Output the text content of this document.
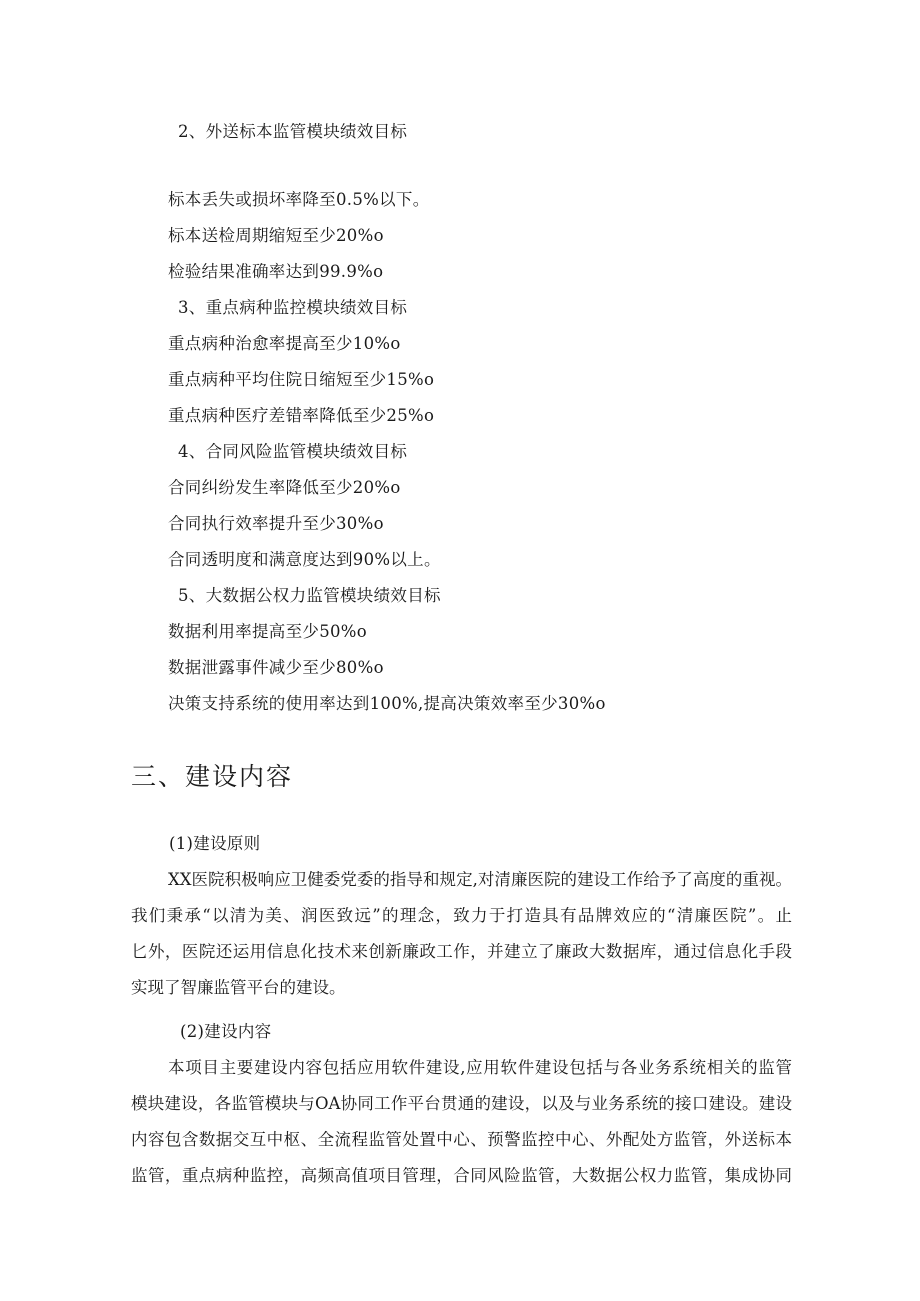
2、外送标本监管模块绩效目标
标本丢失或损坏率降至0.5%以下。
标本送检周期缩短至少20%o
检验结果准确率达到99.9%o
3、重点病种监控模块绩效目标
重点病种治愈率提高至少10%o
重点病种平均住院日缩短至少15%o
重点病种医疗差错率降低至少25%o
4、合同风险监管模块绩效目标
合同纠纷发生率降低至少20%o
合同执行效率提升至少30%o
合同透明度和满意度达到90%以上。
5、大数据公权力监管模块绩效目标
数据利用率提高至少50%o
数据泄露事件减少至少80%o
决策支持系统的使用率达到100%,提高决策效率至少30%o
三、建设内容
(1)建设原则
XX医院积极响应卫健委党委的指导和规定,对清廉医院的建设工作给予了高度的重视。
我们秉承“以清为美、润医致远”的理念，致力于打造具有品牌效应的“清廉医院”。止
匕外，医院还运用信息化技术来创新廉政工作，并建立了廉政大数据库，通过信息化手段
实现了智廉监管平台的建设。
(2)建设内容
本项目主要建设内容包括应用软件建设,应用软件建设包括与各业务系统相关的监管
模块建设，各监管模块与OA协同工作平台贯通的建设，以及与业务系统的接口建设。建设
内容包含数据交互中枢、全流程监管处置中心、预警监控中心、外配处方监管，外送标本
监管，重点病种监控，高频高值项目管理，合同风险监管，大数据公权力监管，集成协同
